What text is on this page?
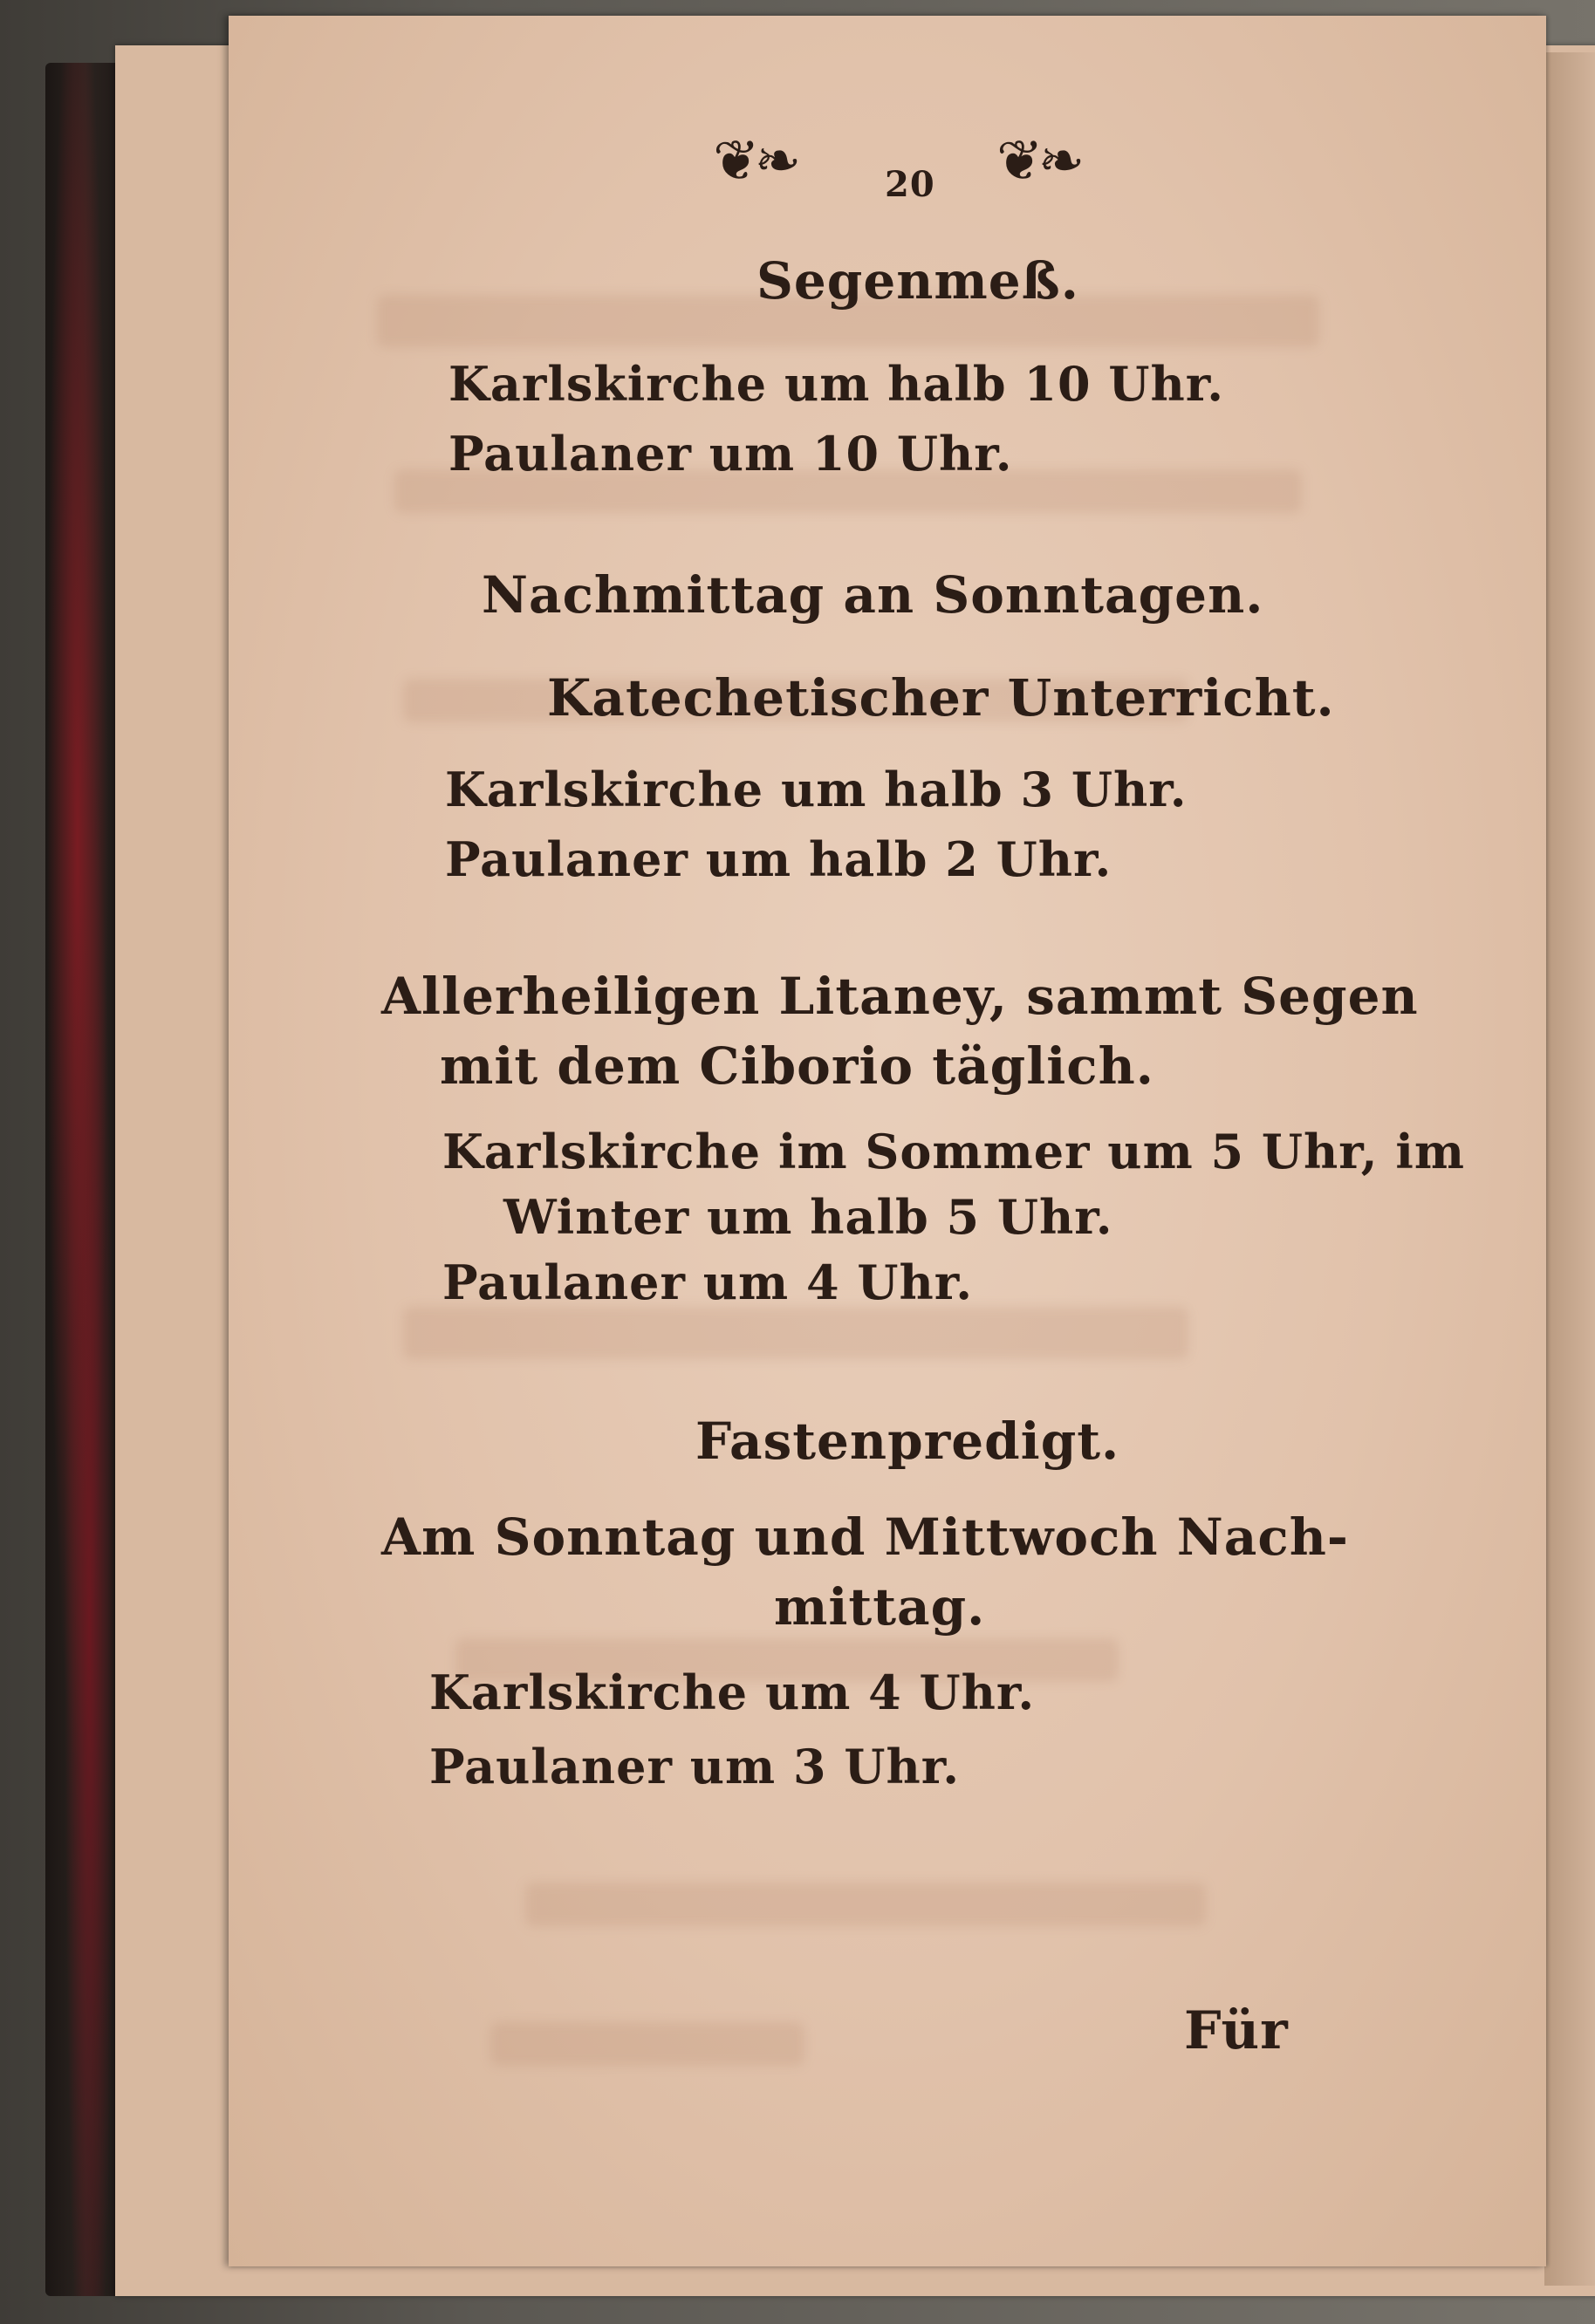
❦❧	20 ❦❧
Segenmeß.
Karlskirche um halb 10 Uhr.
Paulaner um 10 Uhr.
Nachmittag an Sonntagen.
Katechetischer Unterricht.
Karlskirche um halb 3 Uhr.
Paulaner um halb 2 Uhr.
Allerheiligen Litaney, sammt Segen
mit dem Ciborio täglich.
Karlskirche im Sommer um 5 Uhr, im
Winter um halb 5 Uhr.
Paulaner um 4 Uhr.
Fastenpredigt.
Am Sonntag und Mittwoch Nach-
mittag.
Karlskirche um 4 Uhr.
Paulaner um 3 Uhr.
Für
